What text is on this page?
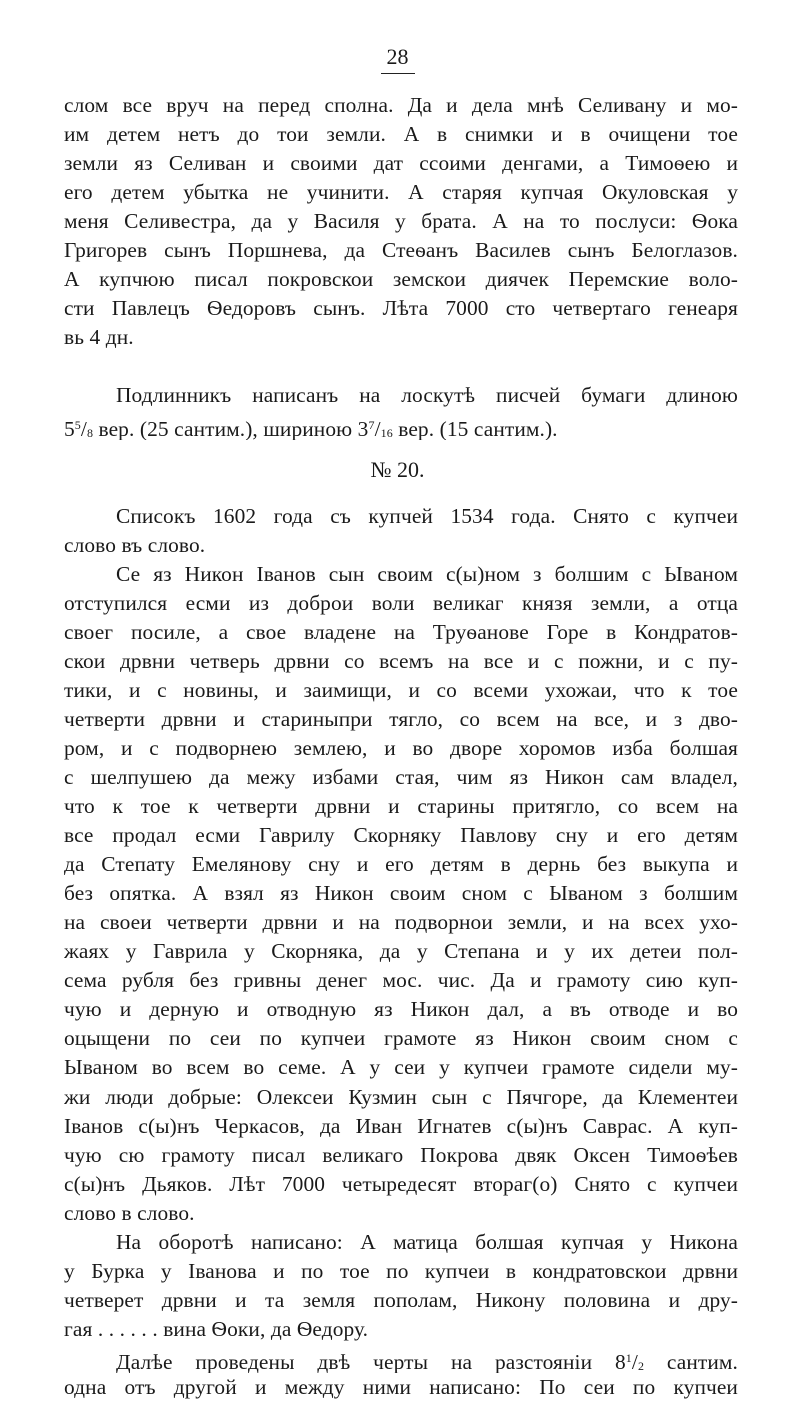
28
слом все вруч на перед сполна. Да и дела мнѣ Селивану и мо-
им детем нетъ до тои земли. А в снимки и в очищени тое
земли яз Селиван и своими дат ссоими денгами, а Тимоѳею и
его детем убытка не учинити. А старяя купчая Окуловская у
меня Селивестра, да у Василя у брата. А на то послуси: Ѳока
Григорев сынъ Поршнева, да Стеѳанъ Василев сынъ Белоглазов.
А купчюю писал покровскои земскои диячек Перемские воло-
сти Павлецъ Ѳедоровъ сынъ. Лѣта 7000 сто четвертаго генеаря
вь 4 дн.
Подлинникъ написанъ на лоскутѣ писчей бумаги длиною
$5^5/_8$ вер. (25 сантим.), шириною $3^7/_{16}$ вер. (15 сантим.).
№ 20.
Списокъ 1602 года съ купчей 1534 года. Снято с купчеи
слово въ слово.
Се яз Никон Іванов сын своим с(ы)ном з болшим с Ываном
отступился есми из доброи воли великаг князя земли, а отца
своег посиле, а свое владене на Труѳанове Горе в Кондратов-
скои дрвни четверь дрвни со всемъ на все и с пожни, и с пу-
тики, и с новины, и заимищи, и со всеми ухожаи, что к тое
четверти дрвни и стариныпри тягло, со всем на все, и з дво-
ром, и с подворнею землею, и во дворе хоромов изба болшая
с шелпушею да межу избами стая, чим яз Никон сам владел,
что к тое к четверти дрвни и старины притягло, со всем на
все продал есми Гаврилу Скорняку Павлову сну и его детям
да Степату Емелянову сну и его детям в дернь без выкупа и
без опятка. А взял яз Никон своим сном с Ываном з болшим
на своеи четверти дрвни и на подворнои земли, и на всех ухо-
жаях у Гаврила у Скорняка, да у Степана и у их детеи пол-
сема рубля без гривны денег мос. чис. Да и грамоту сию куп-
чую и дерную и отводную яз Никон дал, а въ отводе и во
оцыщени по сеи по купчеи грамоте яз Никон своим сном с
Ываном во всем во семе. А у сеи у купчеи грамоте сидели му-
жи люди добрые: Олексеи Кузмин сын с Пячгоре, да Клементеи
Іванов с(ы)нъ Черкасов, да Иван Игнатев с(ы)нъ Саврас. А куп-
чую сю грамоту писал великаго Покрова двяк Оксен Тимоѳѣев
с(ы)нъ Дьяков. Лѣт 7000 четыредесят втораг(о) Снято с купчеи
слово в слово.
На оборотѣ написано: А матица болшая купчая у Никона
у Бурка у Іванова и по тое по купчеи в кондратовскои дрвни
четверет дрвни и та земля пополам, Никону половина и дру-
гая . . . . . . вина Ѳоки, да Ѳедору.
Далѣе проведены двѣ черты на разстояніи $8^1/_2$ сантим.
одна отъ другой и между ними написано: По сеи по купчеи
